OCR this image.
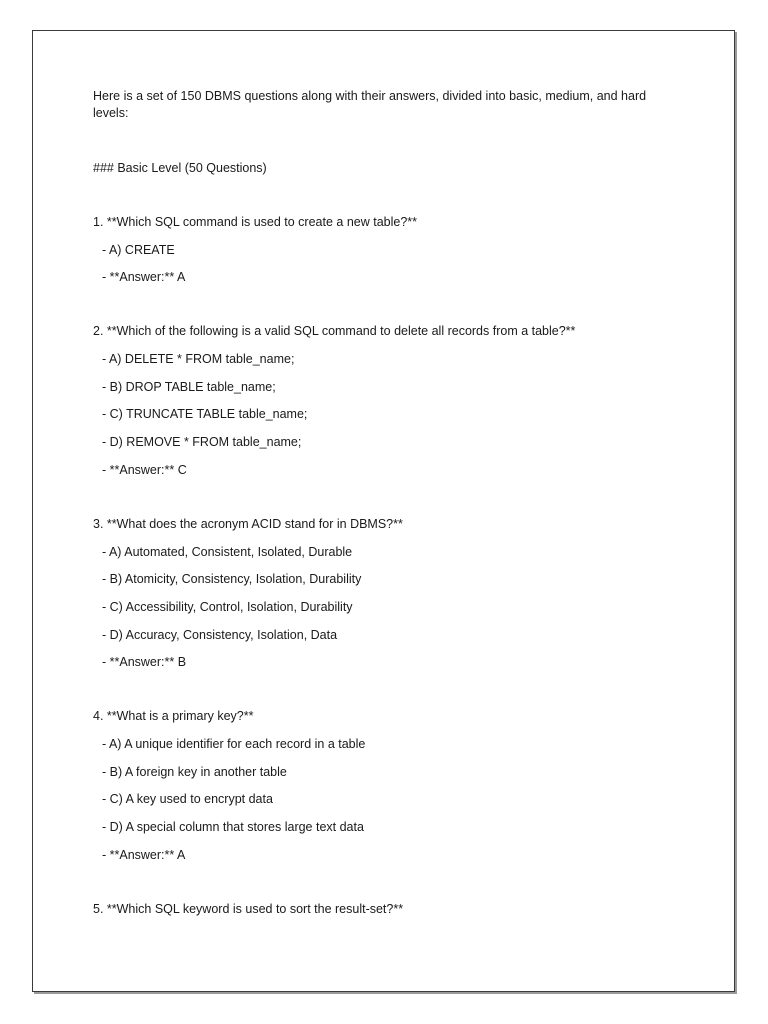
Here is a set of 150 DBMS questions along with their answers, divided into basic, medium, and hard levels:

### Basic Level (50 Questions)

1. **Which SQL command is used to create a new table?**

- A) CREATE

- **Answer:** A

2. **Which of the following is a valid SQL command to delete all records from a table?**

- A) DELETE * FROM table_name;

- B) DROP TABLE table_name;

- C) TRUNCATE TABLE table_name;

- D) REMOVE * FROM table_name;

- **Answer:** C

3. **What does the acronym ACID stand for in DBMS?**

- A) Automated, Consistent, Isolated, Durable

- B) Atomicity, Consistency, Isolation, Durability

- C) Accessibility, Control, Isolation, Durability

- D) Accuracy, Consistency, Isolation, Data

- **Answer:** B

4. **What is a primary key?**

- A) A unique identifier for each record in a table

- B) A foreign key in another table

- C) A key used to encrypt data

- D) A special column that stores large text data

- **Answer:** A

5. **Which SQL keyword is used to sort the result-set?**
